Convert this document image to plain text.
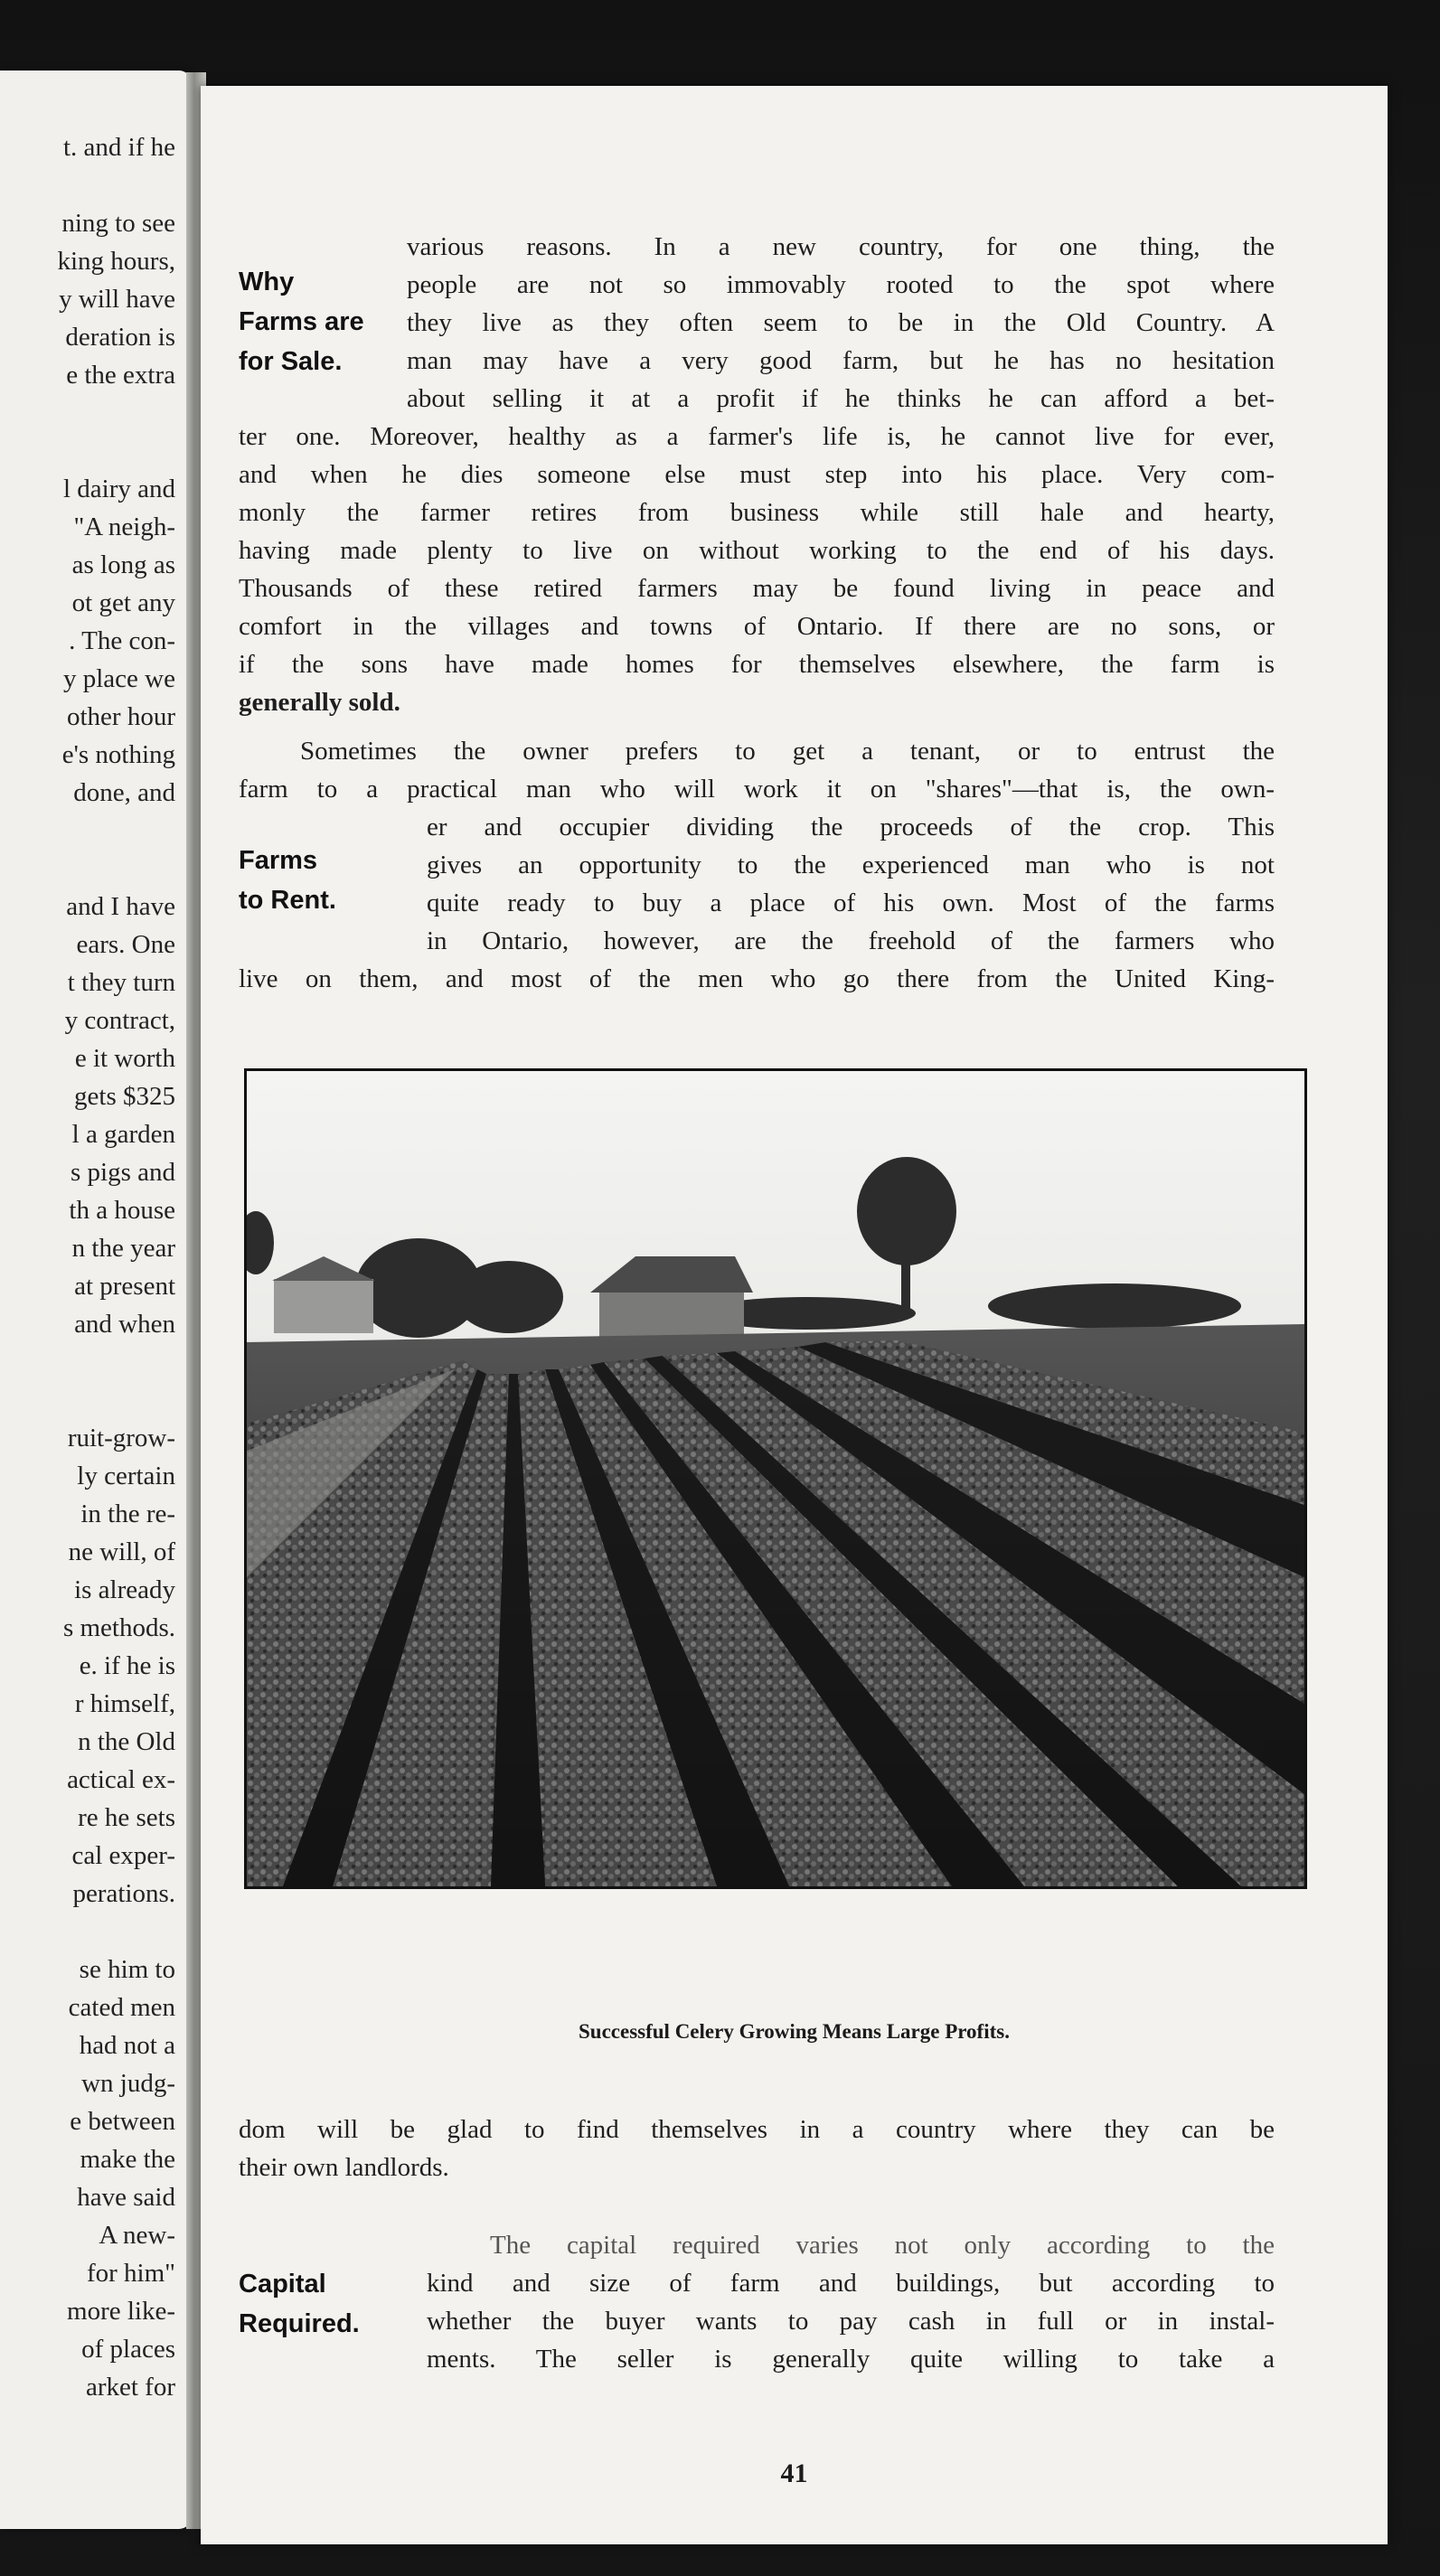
t. and if he
ning to see
king hours,
y will have
deration is
e the extra
l dairy and
"A neigh-
as long as
ot get any
. The con-
y place we
other hour
e's nothing
done, and
and I have
ears. One
t they turn
y contract,
e it worth
gets $325
l a garden
s pigs and
th a house
n the year
at present
and when
ruit-grow-
ly certain
in the re-
ne will, of
is already
s methods.
e. if he is
r himself,
n the Old
actical ex-
re he sets
cal exper-
perations.
se him to
cated men
had not a
wn judg-
e between
make the
have said
A new-
for him"
more like-
of places
arket for
Why
Farms are
for Sale.
various reasons. In a new country, for one thing, the
people are not so immovably rooted to the spot where
they live as they often seem to be in the Old Country. A
man may have a very good farm, but he has no hesitation
about selling it at a profit if he thinks he can afford a bet-
ter one. Moreover, healthy as a farmer's life is, he cannot live for ever,
and when he dies someone else must step into his place. Very com-
monly the farmer retires from business while still hale and hearty,
having made plenty to live on without working to the end of his days.
Thousands of these retired farmers may be found living in peace and
comfort in the villages and towns of Ontario. If there are no sons, or
if the sons have made homes for themselves elsewhere, the farm is
generally sold.
Farms
to Rent.
Sometimes the owner prefers to get a tenant, or to entrust the
farm to a practical man who will work it on "shares"—that is, the own-
er and occupier dividing the proceeds of the crop. This
gives an opportunity to the experienced man who is not
quite ready to buy a place of his own. Most of the farms
in Ontario, however, are the freehold of the farmers who
live on them, and most of the men who go there from the United King-
Successful Celery Growing Means Large Profits.
dom will be glad to find themselves in a country where they can be
their own landlords.
Capital
Required.
The capital required varies not only according to the
kind and size of farm and buildings, but according to
whether the buyer wants to pay cash in full or in instal-
ments. The seller is generally quite willing to take a
41
